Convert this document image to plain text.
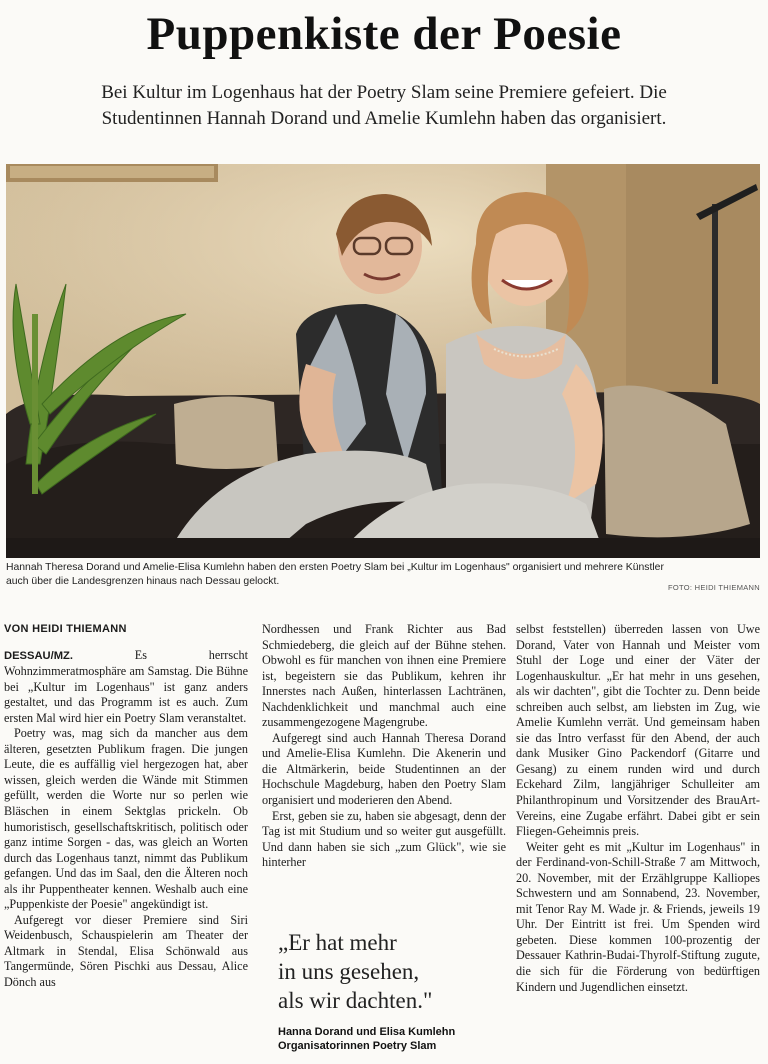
Puppenkiste der Poesie
Bei Kultur im Logenhaus hat der Poetry Slam seine Premiere gefeiert. Die
Studentinnen Hannah Dorand und Amelie Kumlehn haben das organisiert.
Hannah Theresa Dorand und Amelie-Elisa Kumlehn haben den ersten Poetry Slam bei „Kultur im Logenhaus" organisiert und mehrere Künstler
auch über die Landesgrenzen hinaus nach Dessau gelockt.
FOTO: HEIDI THIEMANN
VON HEIDI THIEMANN

DESSAU/MZ.	Es herrscht Wohnzimmeratmosphäre am Samstag. Die Bühne bei „Kultur im Logenhaus" ist ganz anders gestaltet, und das Programm ist es auch. Zum ersten Mal wird hier ein Poetry Slam veranstaltet.

Poetry was, mag sich da mancher aus dem älteren, gesetzten Publikum fragen. Die jungen Leute, die es auffällig viel hergezogen hat, aber wissen, gleich werden die Wände mit Stimmen gefüllt, werden die Worte nur so perlen wie Bläschen in einem Sektglas prickeln. Ob humoristisch, gesellschaftskritisch, politisch oder ganz intime Sorgen - das, was gleich an Worten durch das Logenhaus tanzt, nimmt das Publikum gefangen. Und das im Saal, den die Älteren noch als ihr Puppentheater kennen. Weshalb auch eine „Puppenkiste der Poesie" angekündigt ist.

Aufgeregt vor dieser Premiere sind Siri Weidenbusch, Schauspielerin am Theater der Altmark in Stendal, Elisa Schönwald aus Tangermünde, Sören Pischki aus Dessau, Alice Dönch aus

Nordhessen und Frank Richter aus Bad Schmiedeberg, die gleich auf der Bühne stehen. Obwohl es für manchen von ihnen eine Premiere ist, begeistern sie das Publikum, kehren ihr Innerstes nach Außen, hinterlassen Lachtränen, Nachdenklichkeit und manchmal auch eine zusammengezogene Magengrube.

Aufgeregt sind auch Hannah Theresa Dorand und Amelie-Elisa Kumlehn. Die Akenerin und die Altmärkerin, beide Studentinnen an der Hochschule Magdeburg, haben den Poetry Slam organisiert und moderieren den Abend.

Erst, geben sie zu, haben sie abgesagt, denn der Tag ist mit Studium und so weiter gut ausgefüllt. Und dann haben sie sich „zum Glück", wie sie hinterher

„Er hat mehr
in uns gesehen,
als wir dachten."
Hanna Dorand und Elisa Kumlehn
Organisatorinnen Poetry Slam

selbst feststellen) überreden lassen von Uwe Dorand, Vater von Hannah und Meister vom Stuhl der Loge und einer der Väter der Logenhauskultur. „Er hat mehr in uns gesehen, als wir dachten", gibt die Tochter zu. Denn beide schreiben auch selbst, am liebsten im Zug, wie Amelie Kumlehn verrät. Und gemeinsam haben sie das Intro verfasst für den Abend, der auch dank Musiker Gino Packendorf (Gitarre und Gesang) zu einem runden wird und durch Eckehard Zilm, langjähriger Schulleiter am Philanthropinum und Vorsitzender des BrauArt-Vereins, eine Zugabe erfährt. Dabei gibt er sein Fliegen-Geheimnis preis.

Weiter geht es mit „Kultur im Logenhaus" in der Ferdinand-von-Schill-Straße 7 am Mittwoch, 20. November, mit der Erzählgruppe Kalliopes Schwestern und am Sonnabend, 23. November, mit Tenor Ray M. Wade jr. & Friends, jeweils 19 Uhr. Der Eintritt ist frei. Um Spenden wird gebeten. Diese kommen 100-prozentig der Dessauer Kathrin-Budai-Thyrolf-Stiftung zugute, die sich für die Förderung von bedürftigen Kindern und Jugendlichen einsetzt.
